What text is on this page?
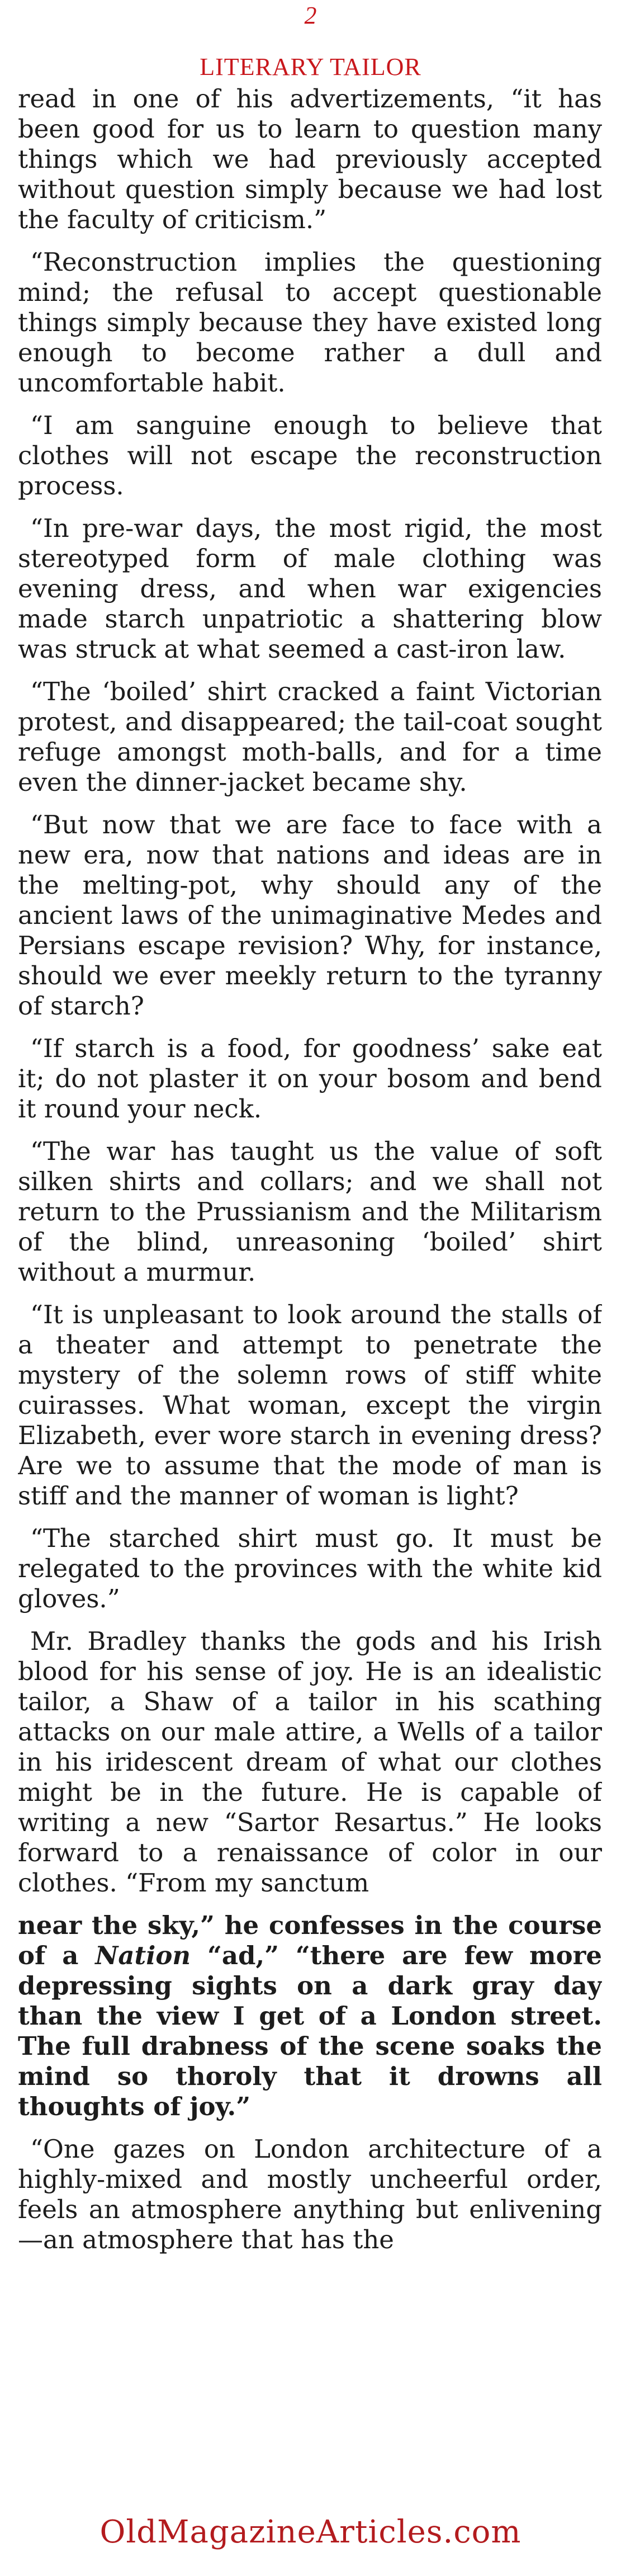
2
LITERARY TAILOR

read in one of his advertizements, “it has been good for us to learn to question many things which we had previously accepted without question simply because we had lost the faculty of criticism.”

“Reconstruction implies the questioning mind; the refusal to accept questionable things simply because they have existed long enough to become rather a dull and uncomfortable habit.

“I am sanguine enough to believe that clothes will not escape the reconstruction process.

“In pre-war days, the most rigid, the most stereotyped form of male clothing was evening dress, and when war exigencies made starch unpatriotic a shattering blow was struck at what seemed a cast-iron law.

“The ‘boiled’ shirt cracked a faint Victorian protest, and disappeared; the tail-coat sought refuge amongst moth-balls, and for a time even the dinner-jacket became shy.

“But now that we are face to face with a new era, now that nations and ideas are in the melting-pot, why should any of the ancient laws of the unimaginative Medes and Persians escape revision? Why, for instance, should we ever meekly return to the tyranny of starch?

“If starch is a food, for goodness’ sake eat it; do not plaster it on your bosom and bend it round your neck.

“The war has taught us the value of soft silken shirts and collars; and we shall not return to the Prussianism and the Militarism of the blind, unreasoning ‘boiled’ shirt without a murmur.

“It is unpleasant to look around the stalls of a theater and attempt to penetrate the mystery of the solemn rows of stiff white cuirasses. What woman, except the virgin Elizabeth, ever wore starch in evening dress? Are we to assume that the mode of man is stiff and the manner of woman is light?

“The starched shirt must go. It must be relegated to the provinces with the white kid gloves.”

Mr. Bradley thanks the gods and his Irish blood for his sense of joy. He is an idealistic tailor, a Shaw of a tailor in his scathing attacks on our male attire, a Wells of a tailor in his iridescent dream of what our clothes might be in the future. He is capable of writing a new “Sartor Resartus.” He looks forward to a renaissance of color in our clothes. “From my sanctum

near the sky,” he confesses in the course of a Nation “ad,” “there are few more depressing sights on a dark gray day than the view I get of a London street. The full drabness of the scene soaks the mind so thoroly that it drowns all thoughts of joy.”

“One gazes on London architecture of a highly-mixed and mostly uncheerful order, feels an atmosphere anything but enlivening—an atmosphere that has the

OldMagazineArticles.com
